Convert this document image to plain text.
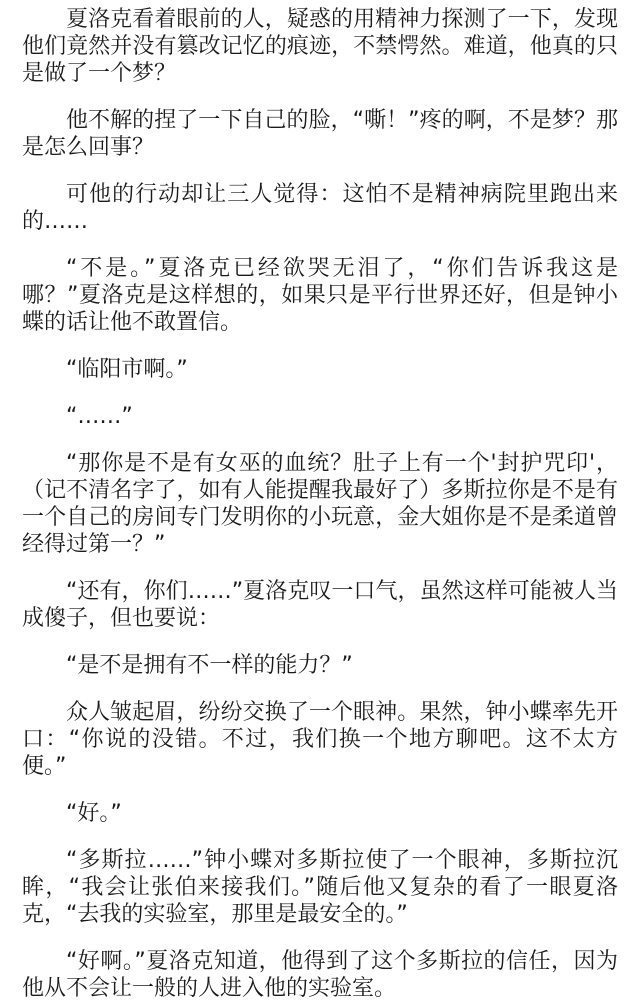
夏洛克看着眼前的人，疑惑的用精神力探测了一下，发现他们竟然并没有篡改记忆的痕迹，不禁愕然。难道，他真的只是做了一个梦？

他不解的捏了一下自己的脸，“嘶！”疼的啊，不是梦？那是怎么回事？

可他的行动却让三人觉得：这怕不是精神病院里跑出来的……

“不是。”夏洛克已经欲哭无泪了，“你们告诉我这是哪？”夏洛克是这样想的，如果只是平行世界还好，但是钟小蝶的话让他不敢置信。

“临阳市啊。”

“……”

“那你是不是有女巫的血统？肚子上有一个'封护咒印'，（记不清名字了，如有人能提醒我最好了）多斯拉你是不是有一个自己的房间专门发明你的小玩意，金大姐你是不是柔道曾经得过第一？”

“还有，你们……”夏洛克叹一口气，虽然这样可能被人当成傻子，但也要说：

“是不是拥有不一样的能力？”

众人皱起眉，纷纷交换了一个眼神。果然，钟小蝶率先开口：“你说的没错。不过，我们换一个地方聊吧。这不太方便。”

“好。”

“多斯拉……”钟小蝶对多斯拉使了一个眼神，多斯拉沉眸，“我会让张伯来接我们。”随后他又复杂的看了一眼夏洛克，“去我的实验室，那里是最安全的。”

“好啊。”夏洛克知道，他得到了这个多斯拉的信任，因为他从不会让一般的人进入他的实验室。
